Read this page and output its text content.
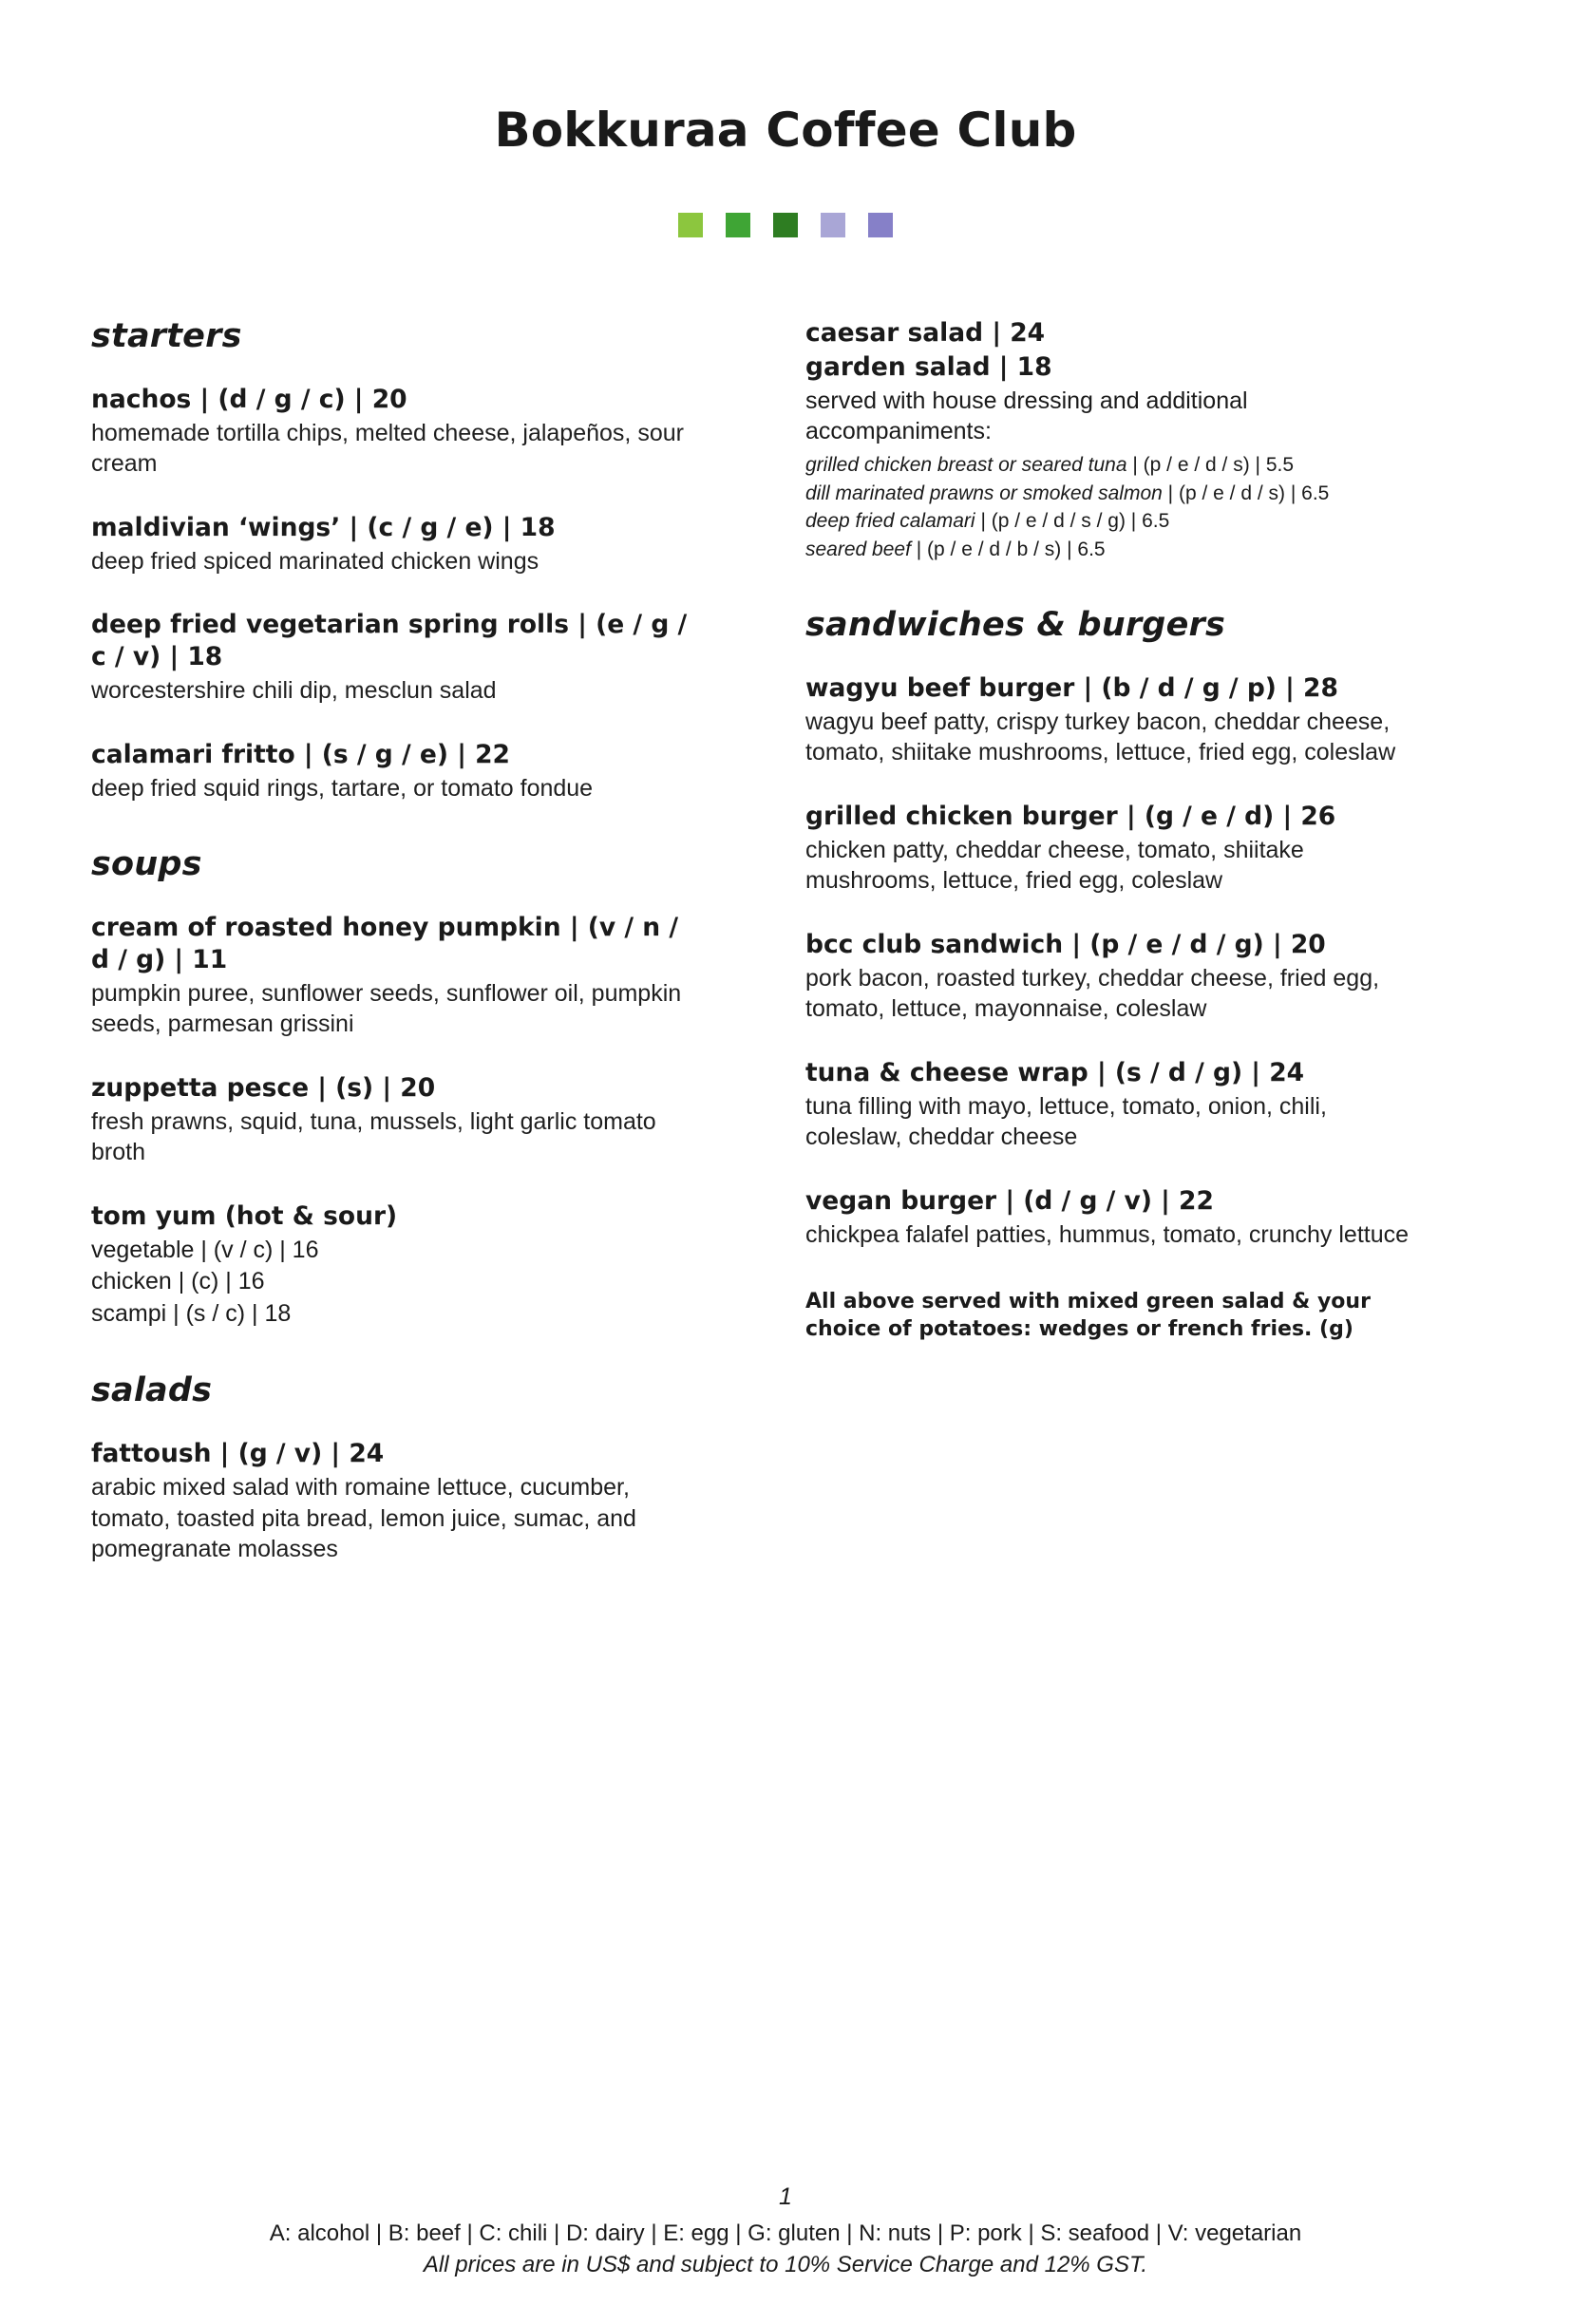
Bokkuraa Coffee Club
starters
nachos | (d / g / c) | 20
homemade tortilla chips, melted cheese, jalapeños, sour cream
maldivian ‘wings’ | (c / g / e) | 18
deep fried spiced marinated chicken wings
deep fried vegetarian spring rolls | (e / g / c / v) | 18
worcestershire chili dip, mesclun salad
calamari fritto | (s / g / e) | 22
deep fried squid rings, tartare, or tomato fondue
soups
cream of roasted honey pumpkin | (v / n / d / g) | 11
pumpkin puree, sunflower seeds, sunflower oil, pumpkin seeds, parmesan grissini
zuppetta pesce | (s) | 20
fresh prawns, squid, tuna, mussels, light garlic tomato broth
tom yum (hot & sour)
vegetable | (v / c) | 16
chicken | (c) | 16
scampi | (s / c) | 18
salads
fattoush | (g / v) | 24
arabic mixed salad with romaine lettuce, cucumber, tomato, toasted pita bread, lemon juice, sumac, and pomegranate molasses
caesar salad | 24
garden salad | 18
served with house dressing and additional accompaniments:
grilled chicken breast or seared tuna | (p / e / d / s) | 5.5
dill marinated prawns or smoked salmon | (p / e / d / s) | 6.5
deep fried calamari | (p / e / d / s / g) | 6.5
seared beef | (p / e / d / b / s) | 6.5
sandwiches & burgers
wagyu beef burger | (b / d / g / p) | 28
wagyu beef patty, crispy turkey bacon, cheddar cheese, tomato, shiitake mushrooms, lettuce, fried egg, coleslaw
grilled chicken burger | (g / e / d) | 26
chicken patty, cheddar cheese, tomato, shiitake mushrooms, lettuce, fried egg, coleslaw
bcc club sandwich | (p / e / d / g) | 20
pork bacon, roasted turkey, cheddar cheese, fried egg, tomato, lettuce, mayonnaise, coleslaw
tuna & cheese wrap | (s / d / g) | 24
tuna filling with mayo, lettuce, tomato, onion, chili, coleslaw, cheddar cheese
vegan burger | (d / g / v) | 22
chickpea falafel patties, hummus, tomato, crunchy lettuce
All above served with mixed green salad & your choice of potatoes: wedges or french fries. (g)
1
A: alcohol | B: beef | C: chili | D: dairy | E: egg | G: gluten | N: nuts | P: pork | S: seafood | V: vegetarian
All prices are in US$ and subject to 10% Service Charge and 12% GST.
